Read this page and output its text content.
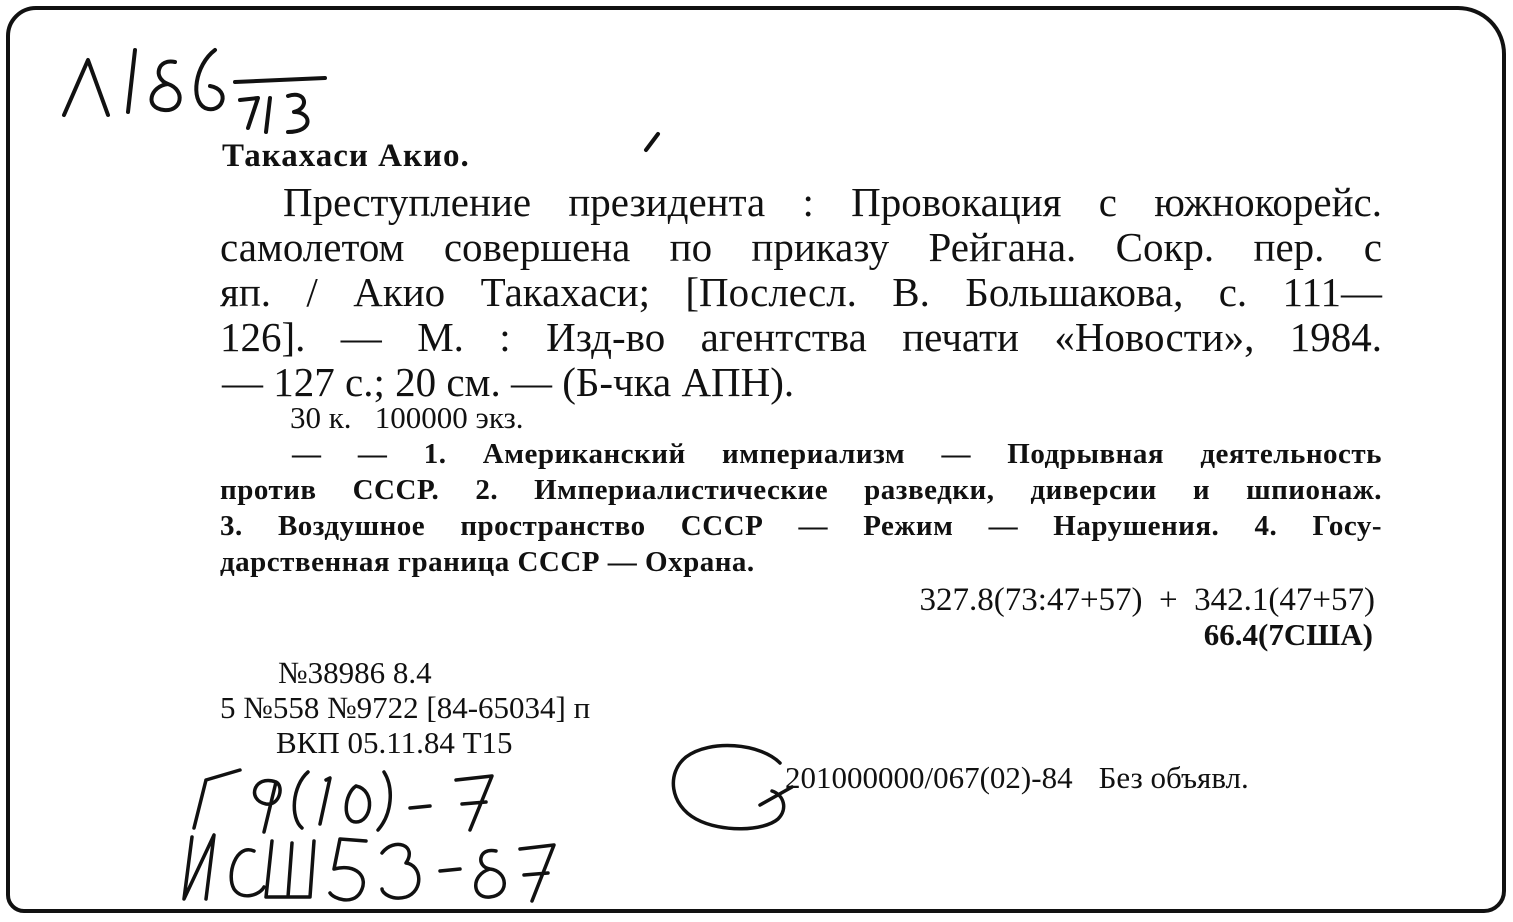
Такахаси Акио.
Преступление президента : Провокация с южнокорейс.
самолетом совершена по приказу Рейгана. Сокр. пер. с
яп. / Акио Такахаси; [Послесл. В. Большакова, с. 111—
126]. — М. : Изд-во агентства печати «Новости», 1984.
— 127 с.; 20 см. — (Б-чка АПН).
30 к.   100000 экз.
— — 1. Американский империализм — Подрывная деятельность
против СССР. 2. Империалистические разведки, диверсии и шпионаж.
3. Воздушное пространство СССР — Режим — Нарушения. 4. Госу-
дарственная граница СССР — Охрана.
327.8(73:47+57)  +  342.1(47+57)
66.4(7США)
№38986 8.4
5 №558 №9722 [84-65034] п
ВКП 05.11.84 Т15
201000000/067(02)-84 Без объявл.
